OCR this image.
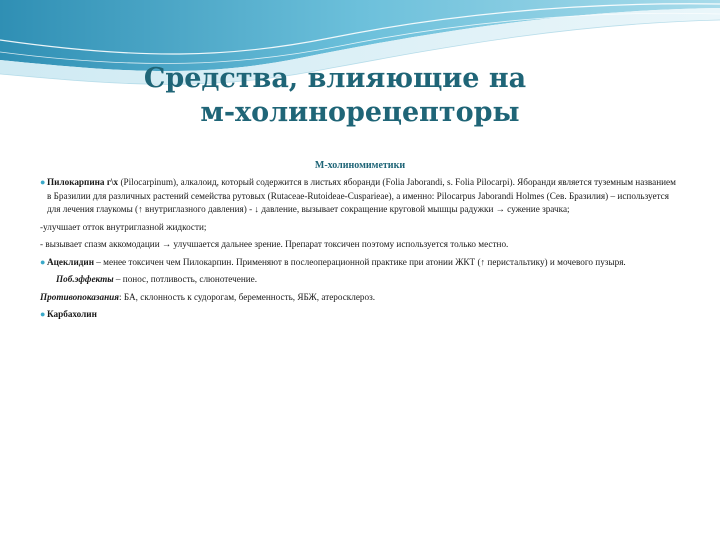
Средства, влияющие на
м-холинорецепторы
М-холиномиметики

● Пилокарпина г\х (Pilocarpinum), алкалоид, который содержится в листьях яборанди (Folia Jaborandi, s. Folia Pilocarpi). Яборанди является туземным названием в Бразилии для различных растений семейства рутовых (Rutaceae-Rutoideae-Cusparieae), а именно: Pilocarpus Jaborandi Holmes (Сев. Бразилия) – используется для лечения глаукомы (↑ внутриглазного давления) - ↓ давление, вызывает сокращение круговой мышцы радужки → сужение зрачка;

-улучшает отток внутриглазной жидкости;

- вызывает спазм аккомодации → улучшается дальнее зрение. Препарат токсичен поэтому используется только местно.

● Ацеклидин – менее токсичен чем Пилокарпин. Применяют в послеоперационной практике при атонии ЖКТ (↑ перистальтику) и мочевого пузыря.

Поб.эффекты – понос, потливость, слюнотечение.

Противопоказания: БА, склонность к судорогам, беременность, ЯБЖ, атеросклероз.

● Карбахолин
